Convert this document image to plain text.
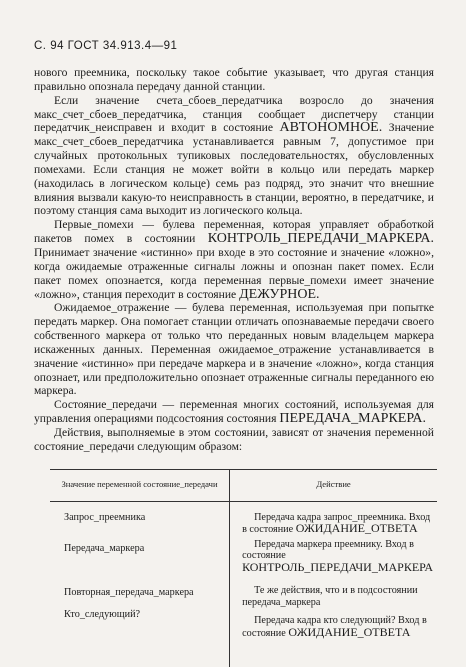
С. 94 ГОСТ 34.913.4—91

нового преемника, поскольку такое событие указывает, что другая станция правильно опознала передачу данной станции.

Если значение счета_сбоев_передатчика возросло до значения макс_счет_сбоев_передатчика, станция сообщает диспетчеру станции передатчик_неисправен и входит в состояние АВТОНОМНОЕ. Значение макс_счет_сбоев_передатчика устанавливается равным 7, допустимое при случайных протокольных тупиковых последовательностях, обусловленных помехами. Если станция не может войти в кольцо или передать маркер (находилась в логическом кольце) семь раз подряд, это значит что внешние влияния вызвали какую-то неисправность в станции, вероятно, в передатчике, и поэтому станция сама выходит из логического кольца.

Первые_помехи — булева переменная, которая управляет обработкой пакетов помех в состоянии КОНТРОЛЬ_ПЕРЕДАЧИ_МАРКЕРА. Принимает значение «истинно» при входе в это состояние и значение «ложно», когда ожидаемые отраженные сигналы ложны и опознан пакет помех. Если пакет помех опознается, когда переменная первые_помехи имеет значение «ложно», станция переходит в состояние ДЕЖУРНОЕ.

Ожидаемое_отражение — булева переменная, используемая при попытке передать маркер. Она помогает станции отличать опознаваемые передачи своего собственного маркера от только что переданных новым владельцем маркера искаженных данных. Переменная ожидаемое_отражение устанавливается в значение «истинно» при передаче маркера и в значение «ложно», когда станция опознает, или предположительно опознает отраженные сигналы переданного ею маркера.

Состояние_передачи — переменная многих состояний, используемая для управления операциями подсостояния состояния ПЕРЕДАЧА_МАРКЕРА.

Действия, выполняемые в этом состоянии, зависят от значения переменной состояние_передачи следующим образом:

Значение переменной состояние_передачи	Действие
Запрос_преемника	Передача кадра запрос_преемника. Вход в состояние ОЖИДАНИЕ_ОТВЕТА
Передача_маркера	Передача маркера преемнику. Вход в состояние КОНТРОЛЬ_ПЕРЕДАЧИ_МАРКЕРА
Повторная_передача_маркера	Те же действия, что и в подсостоянии передача_маркера
Кто_следующий?	Передача кадра кто следующий? Вход в состояние ОЖИДАНИЕ_ОТВЕТА
